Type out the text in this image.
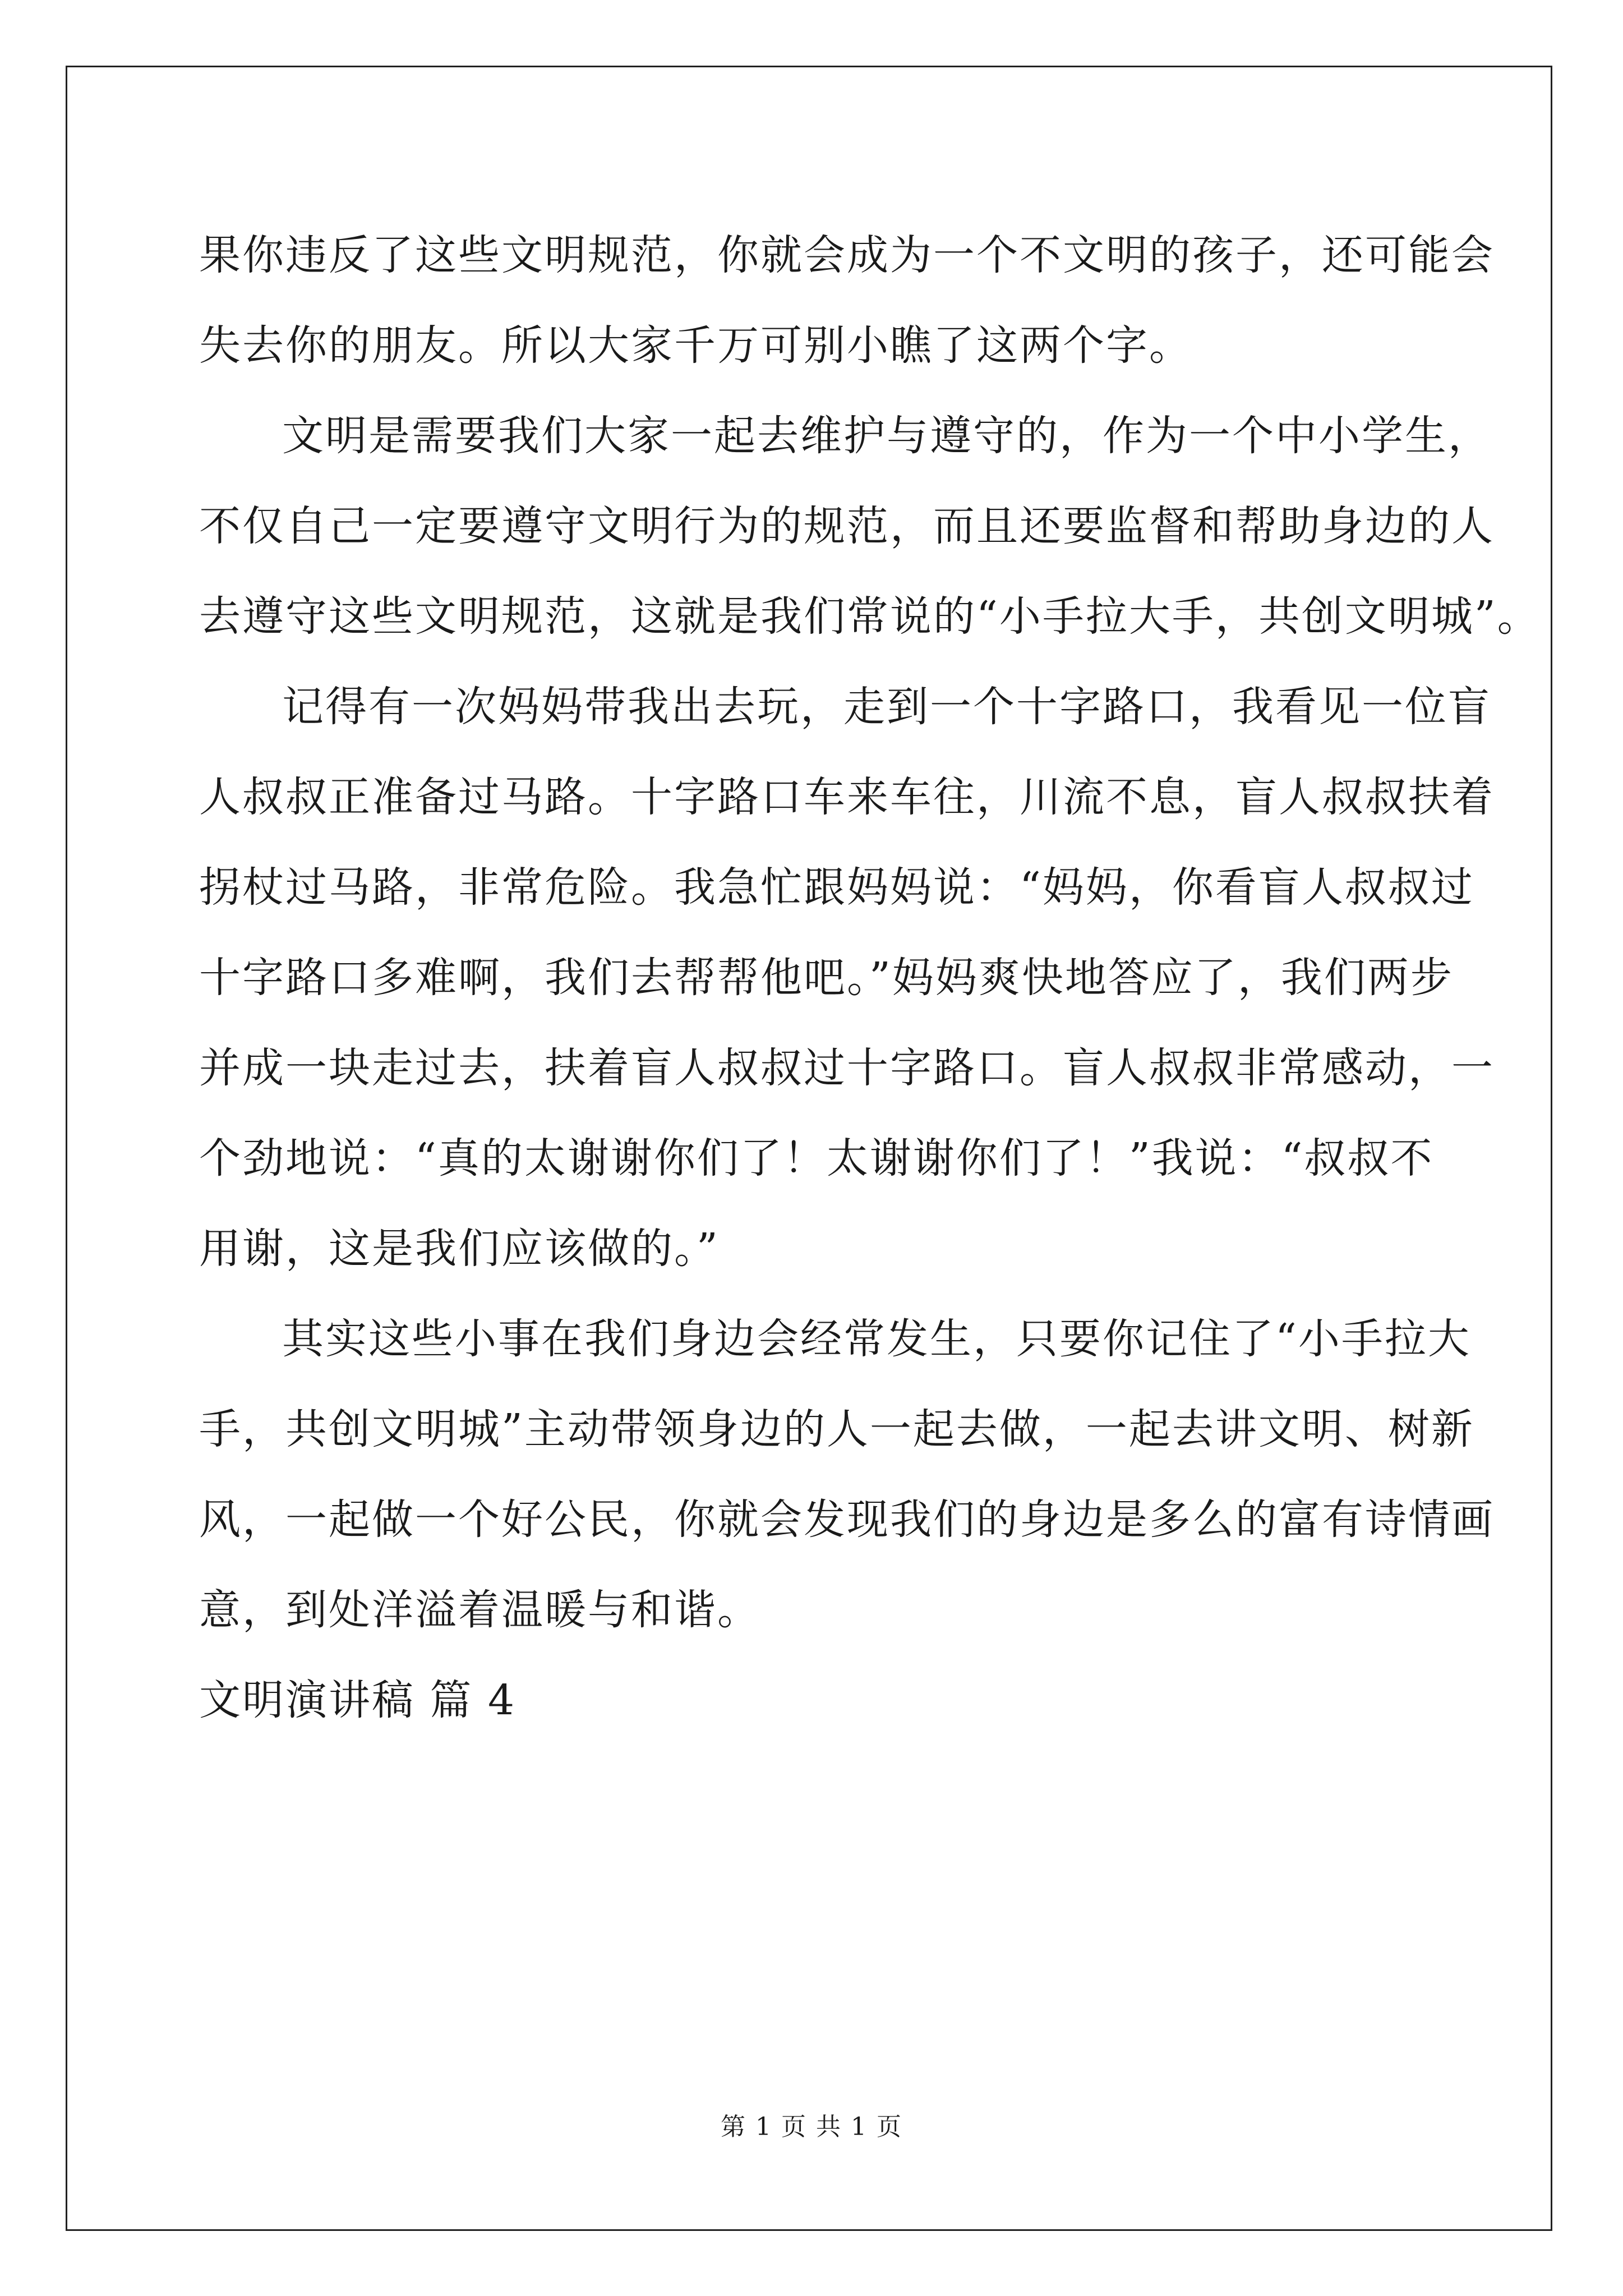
果你违反了这些文明规范，你就会成为一个不文明的孩子，还可能会
失去你的朋友。所以大家千万可别小瞧了这两个字。
文明是需要我们大家一起去维护与遵守的，作为一个中小学生，
不仅自己一定要遵守文明行为的规范，而且还要监督和帮助身边的人
去遵守这些文明规范，这就是我们常说的“小手拉大手，共创文明城”。
记得有一次妈妈带我出去玩，走到一个十字路口，我看见一位盲
人叔叔正准备过马路。十字路口车来车往，川流不息，盲人叔叔扶着
拐杖过马路，非常危险。我急忙跟妈妈说：“妈妈，你看盲人叔叔过
十字路口多难啊，我们去帮帮他吧。”妈妈爽快地答应了，我们两步
并成一块走过去，扶着盲人叔叔过十字路口。盲人叔叔非常感动，一
个劲地说：“真的太谢谢你们了！太谢谢你们了！”我说：“叔叔不
用谢，这是我们应该做的。”
其实这些小事在我们身边会经常发生，只要你记住了“小手拉大
手，共创文明城”主动带领身边的人一起去做，一起去讲文明、树新
风，一起做一个好公民，你就会发现我们的身边是多么的富有诗情画
意，到处洋溢着温暖与和谐。
文明演讲稿 篇 4
第 1 页 共 1 页
